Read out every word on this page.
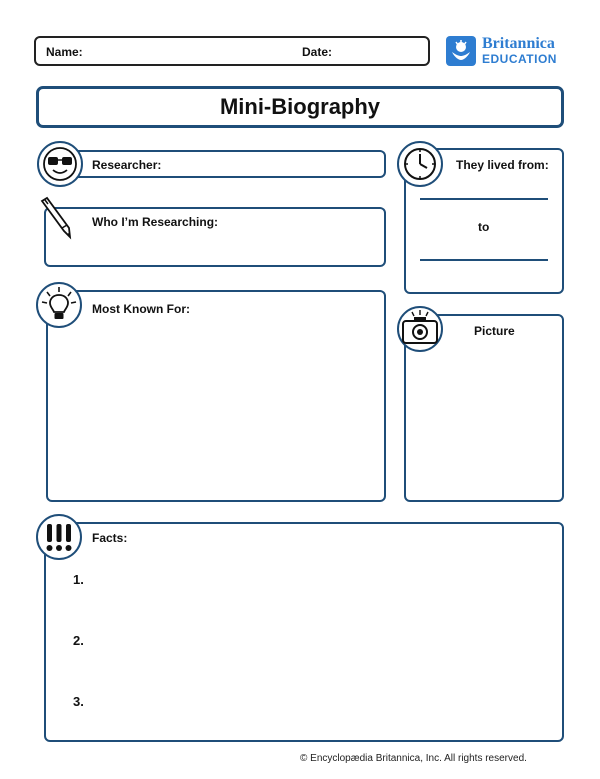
Name:	Date:	Britannica
EDUCATION
Mini-Biography
Researcher:
Who I’m Researching:
They lived from:
to
Most Known For:
Picture
Facts:
1.
2.
3.
© Encyclopædia Britannica, Inc. All rights reserved.
